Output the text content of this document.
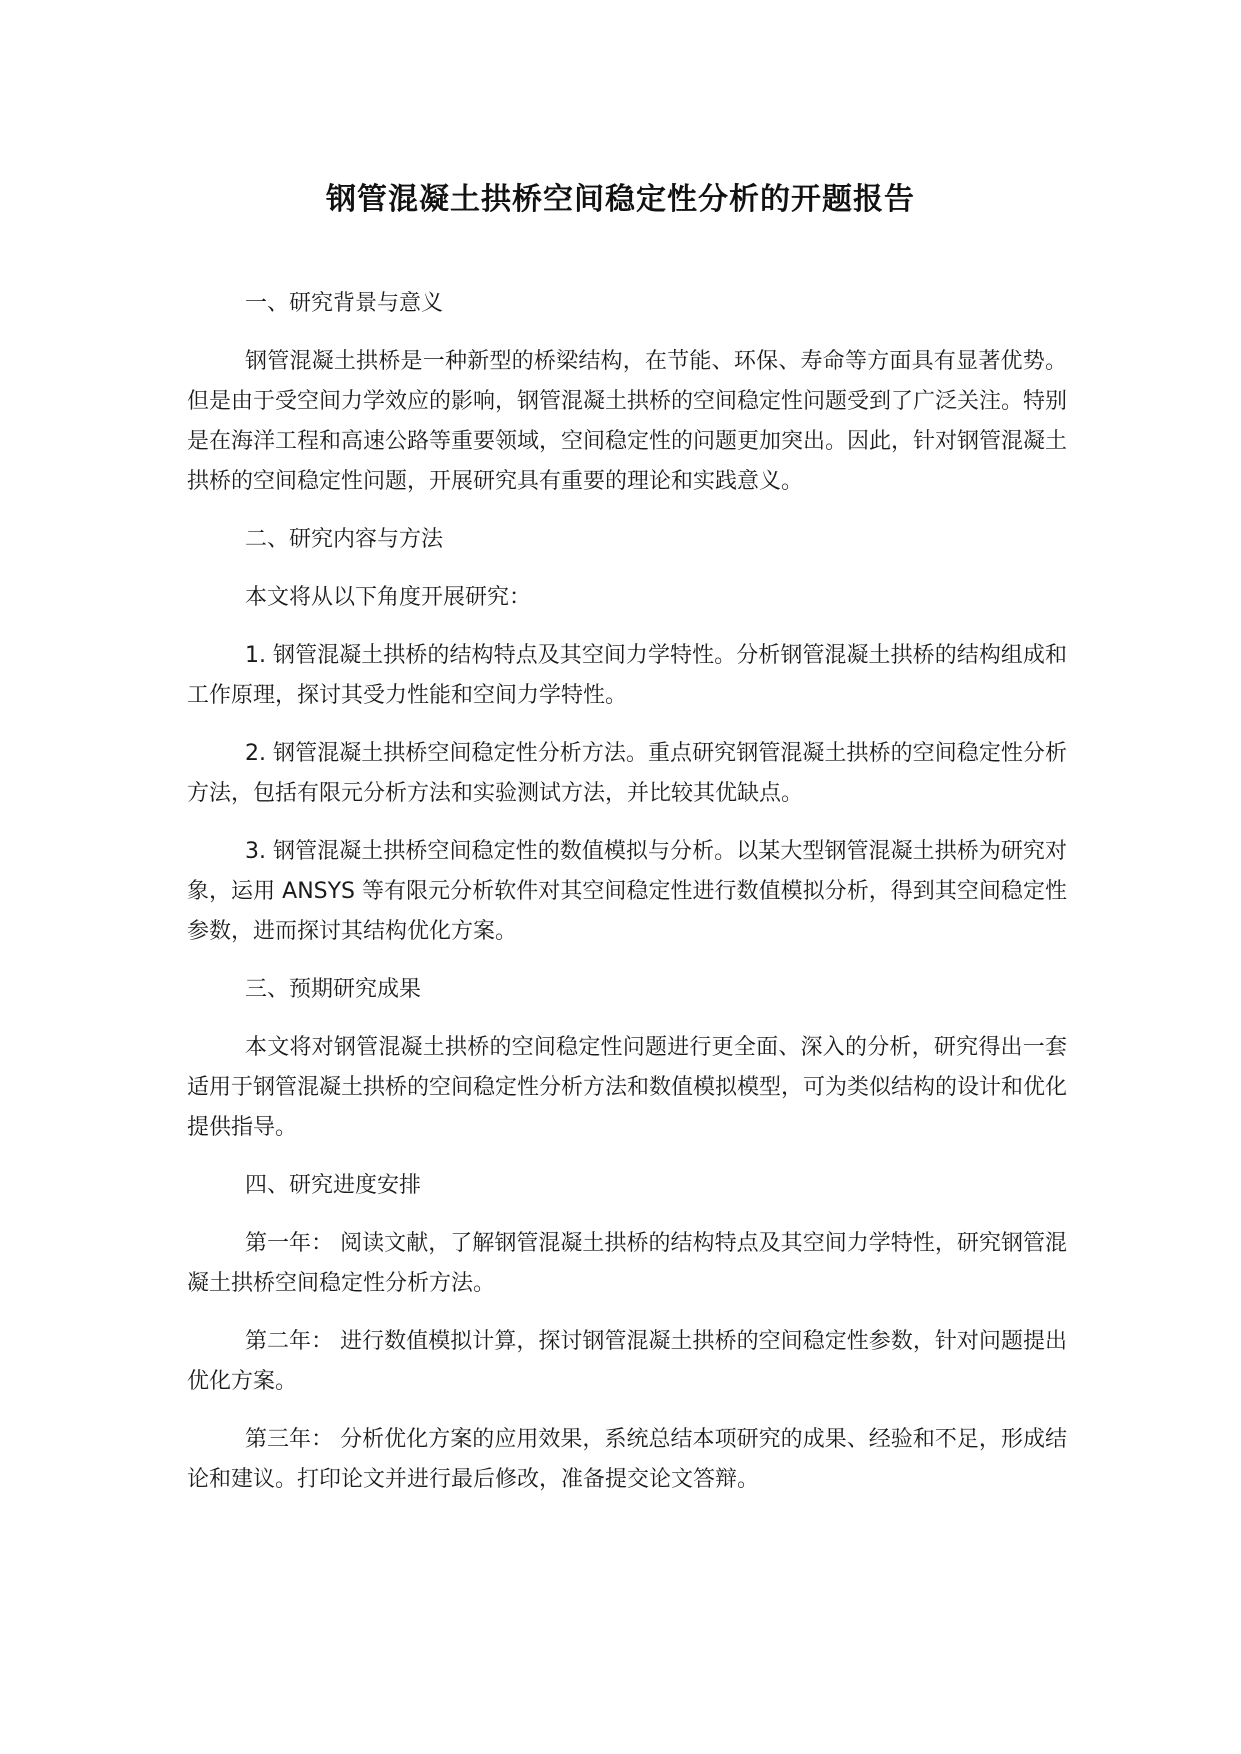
钢管混凝土拱桥空间稳定性分析的开题报告
一、研究背景与意义

钢管混凝土拱桥是一种新型的桥梁结构，在节能、环保、寿命等方面具有显著优势。但是由于受空间力学效应的影响，钢管混凝土拱桥的空间稳定性问题受到了广泛关注。特别是在海洋工程和高速公路等重要领域，空间稳定性的问题更加突出。因此，针对钢管混凝土拱桥的空间稳定性问题，开展研究具有重要的理论和实践意义。

二、研究内容与方法

本文将从以下角度开展研究：

1. 钢管混凝土拱桥的结构特点及其空间力学特性。分析钢管混凝土拱桥的结构组成和工作原理，探讨其受力性能和空间力学特性。

2. 钢管混凝土拱桥空间稳定性分析方法。重点研究钢管混凝土拱桥的空间稳定性分析方法，包括有限元分析方法和实验测试方法，并比较其优缺点。

3. 钢管混凝土拱桥空间稳定性的数值模拟与分析。以某大型钢管混凝土拱桥为研究对象，运用 ANSYS 等有限元分析软件对其空间稳定性进行数值模拟分析，得到其空间稳定性参数，进而探讨其结构优化方案。

三、预期研究成果

本文将对钢管混凝土拱桥的空间稳定性问题进行更全面、深入的分析，研究得出一套适用于钢管混凝土拱桥的空间稳定性分析方法和数值模拟模型，可为类似结构的设计和优化提供指导。

四、研究进度安排

第一年： 阅读文献，了解钢管混凝土拱桥的结构特点及其空间力学特性，研究钢管混凝土拱桥空间稳定性分析方法。

第二年： 进行数值模拟计算，探讨钢管混凝土拱桥的空间稳定性参数，针对问题提出优化方案。

第三年： 分析优化方案的应用效果，系统总结本项研究的成果、经验和不足，形成结论和建议。打印论文并进行最后修改，准备提交论文答辩。
